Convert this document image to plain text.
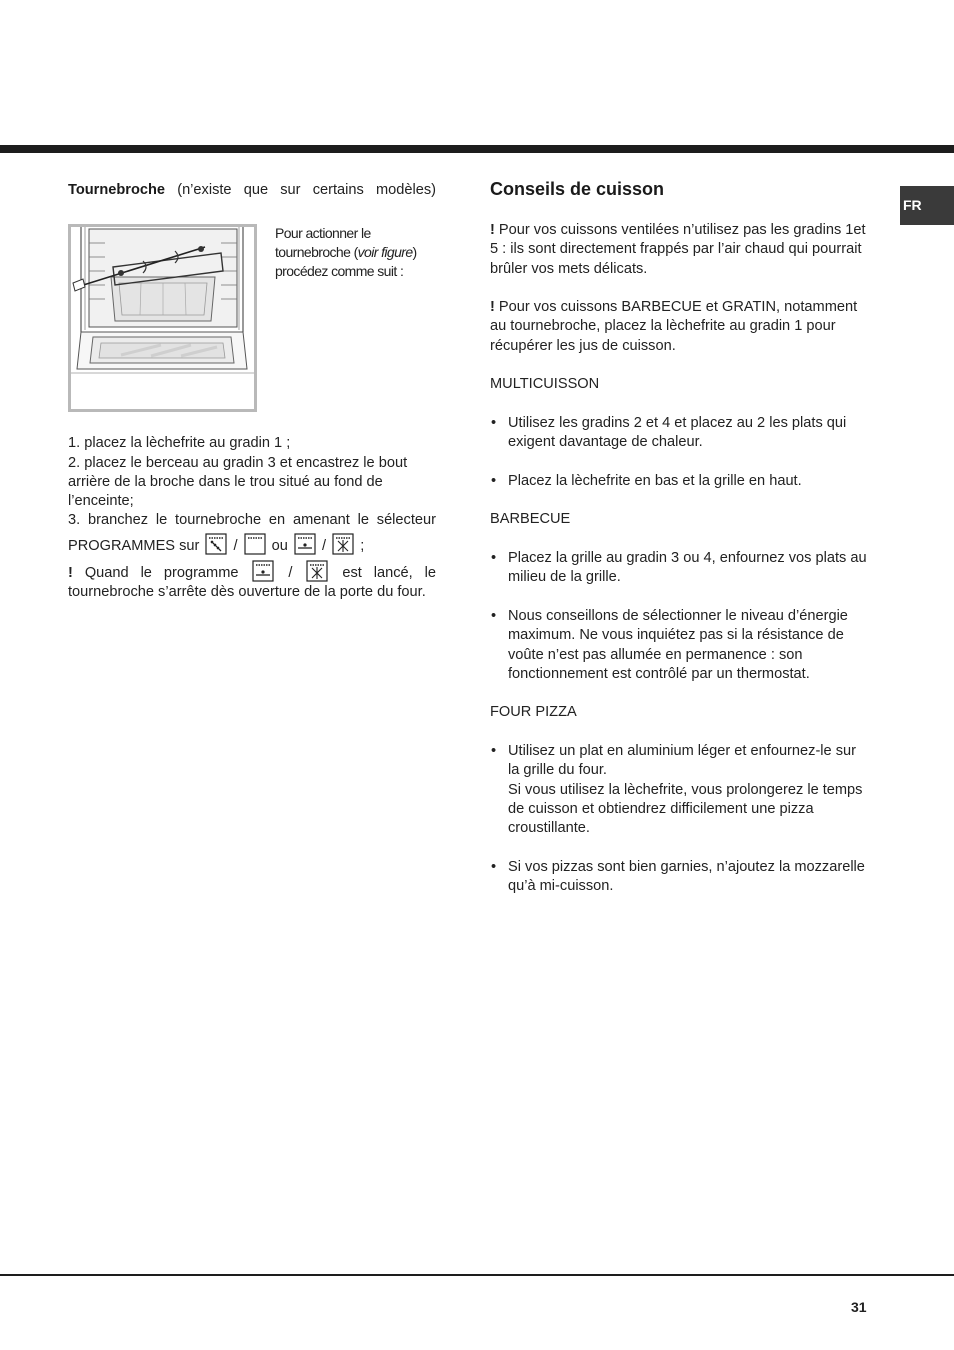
FR

Tournebroche (n’existe que sur certains modèles)

Pour actionner le tournebroche (voir figure) procédez comme suit :

1. placez la lèchefrite au gradin 1 ;

2. placez le berceau au gradin 3 et encastrez le bout arrière de la broche dans le trou situé au fond de l’enceinte;

3. branchez le tournebroche en amenant le sélecteur

PROGRAMMES sur / ou / ;

! Quand le programme	/	est lancé, le

tournebroche s’arrête dès ouverture de la porte du four.

Conseils de cuisson

! Pour vos cuissons ventilées n’utilisez pas les gradins 1et 5 : ils sont directement frappés par l’air chaud qui pourrait brûler vos mets délicats.

! Pour vos cuissons BARBECUE et GRATIN, notamment au tournebroche, placez la lèchefrite au gradin 1 pour récupérer les jus de cuisson.

MULTICUISSON

• Utilisez les gradins 2 et 4 et placez au 2 les plats qui exigent davantage de chaleur.
• Placez la lèchefrite en bas et la grille en haut.

BARBECUE

• Placez la grille au gradin 3 ou 4, enfournez vos plats au milieu de la grille.
• Nous conseillons de sélectionner le niveau d’énergie maximum. Ne vous inquiétez pas si la résistance de voûte n’est pas allumée en permanence : son fonctionnement est contrôlé par un thermostat.

FOUR PIZZA

• Utilisez un plat en aluminium léger et enfournez-le sur la grille du four.
Si vous utilisez la lèchefrite, vous prolongerez le temps de cuisson et obtiendrez difficilement une pizza croustillante.
• Si vos pizzas sont bien garnies, n’ajoutez la mozzarelle qu’à mi-cuisson.
31
